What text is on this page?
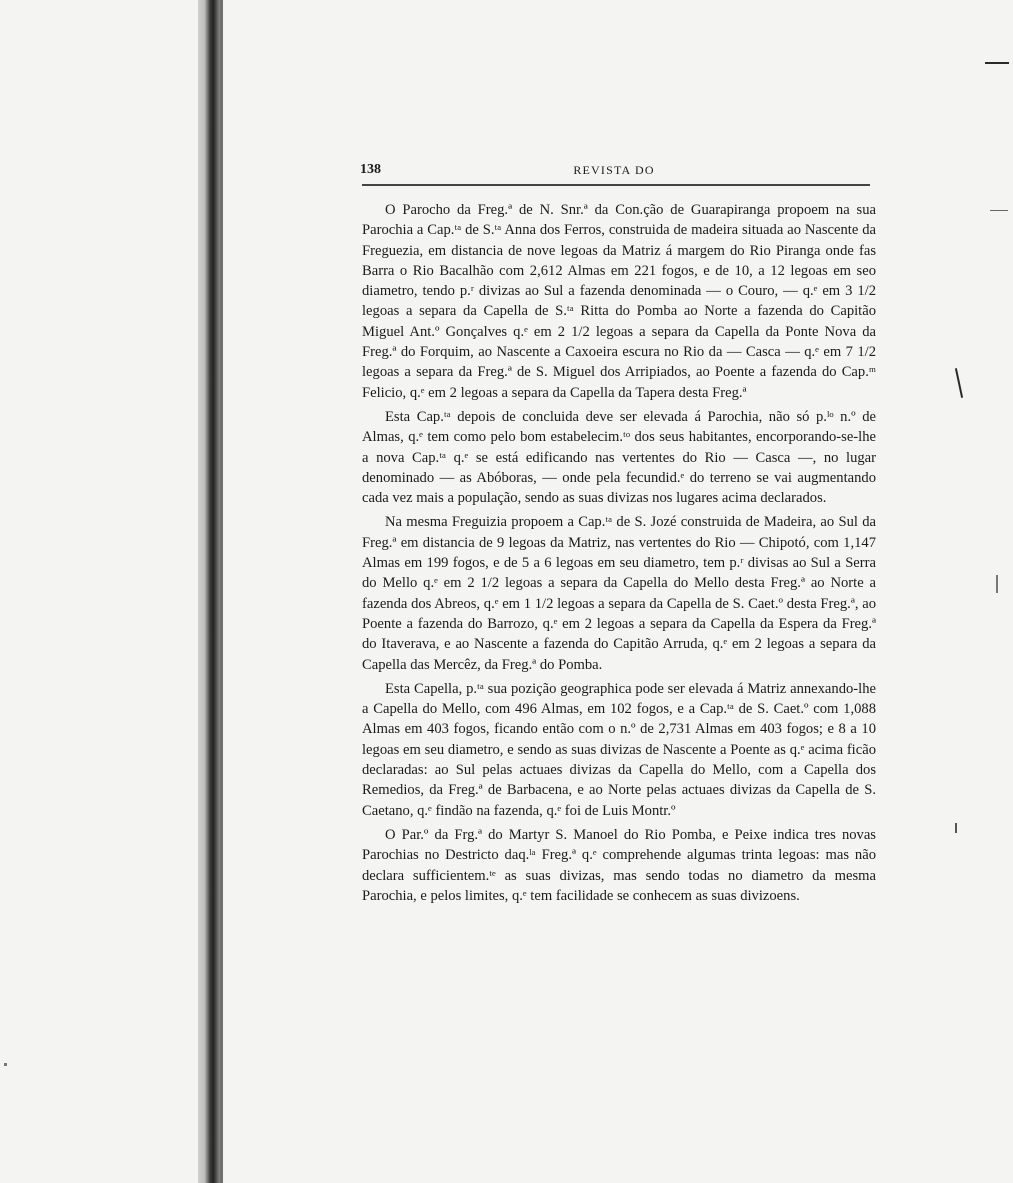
138	REVISTA DO

O Parocho da Freg.ª de N. Snr.ª da Con.ção de Guarapiranga propoem na sua Parochia a Cap.ᵗᵃ de S.ᵗᵃ Anna dos Ferros, construida de madeira situada ao Nascente da Freguezia, em distancia de nove legoas da Matriz á margem do Rio Piranga onde fas Barra o Rio Bacalhão com 2,612 Almas em 221 fogos, e de 10, a 12 legoas em seo diametro, tendo p.ʳ divizas ao Sul a fazenda denominada — o Couro, — q.ᵉ em 3 1/2 legoas a separa da Capella de S.ᵗᵃ Ritta do Pomba ao Norte a fazenda do Capitão Miguel Ant.º Gonçalves q.ᵉ em 2 1/2 legoas a separa da Capella da Ponte Nova da Freg.ª do Forquim, ao Nascente a Caxoeira escura no Rio da — Casca — q.ᵉ em 7 1/2 legoas a separa da Freg.ª de S. Miguel dos Arripiados, ao Poente a fazenda do Cap.ᵐ Felicio, q.ᵉ em 2 legoas a separa da Capella da Tapera desta Freg.ª

Esta Cap.ᵗᵃ depois de concluida deve ser elevada á Parochia, não só p.ˡᵒ n.º de Almas, q.ᵉ tem como pelo bom estabelecim.ᵗᵒ dos seus habitantes, encorporando-se-lhe a nova Cap.ᵗᵃ q.ᵉ se está edificando nas vertentes do Rio — Casca —, no lugar denominado — as Abóboras, — onde pela fecundid.ᵉ do terreno se vai augmentando cada vez mais a população, sendo as suas divizas nos lugares acima declarados.

Na mesma Freguizia propoem a Cap.ᵗᵃ de S. Jozé construida de Madeira, ao Sul da Freg.ª em distancia de 9 legoas da Matriz, nas vertentes do Rio — Chipotó, com 1,147 Almas em 199 fogos, e de 5 a 6 legoas em seu diametro, tem p.ʳ divisas ao Sul a Serra do Mello q.ᵉ em 2 1/2 legoas a separa da Capella do Mello desta Freg.ª ao Norte a fazenda dos Abreos, q.ᵉ em 1 1/2 legoas a separa da Capella de S. Caet.º desta Freg.ª, ao Poente a fazenda do Barrozo, q.ᵉ em 2 legoas a separa da Capella da Espera da Freg.ª do Itaverava, e ao Nascente a fazenda do Capitão Arruda, q.ᵉ em 2 legoas a separa da Capella das Mercêz, da Freg.ª do Pomba.

Esta Capella, p.ᵗᵃ sua pozição geographica pode ser elevada á Matriz annexando-lhe a Capella do Mello, com 496 Almas, em 102 fogos, e a Cap.ᵗᵃ de S. Caet.º com 1,088 Almas em 403 fogos, ficando então com o n.º de 2,731 Almas em 403 fogos; e 8 a 10 legoas em seu diametro, e sendo as suas divizas de Nascente a Poente as q.ᵉ acima ficão declaradas: ao Sul pelas actuaes divizas da Capella do Mello, com a Capella dos Remedios, da Freg.ª de Barbacena, e ao Norte pelas actuaes divizas da Capella de S. Caetano, q.ᵉ findão na fazenda, q.ᵉ foi de Luis Montr.º

O Par.º da Frg.ª do Martyr S. Manoel do Rio Pomba, e Peixe indica tres novas Parochias no Destricto daq.ˡᵃ Freg.ª q.ᵉ comprehende algumas trinta legoas: mas não declara sufficientem.ᵗᵉ as suas divizas, mas sendo todas no diametro da mesma Parochia, e pelos limites, q.ᵉ tem facilidade se conhecem as suas divizoens.
